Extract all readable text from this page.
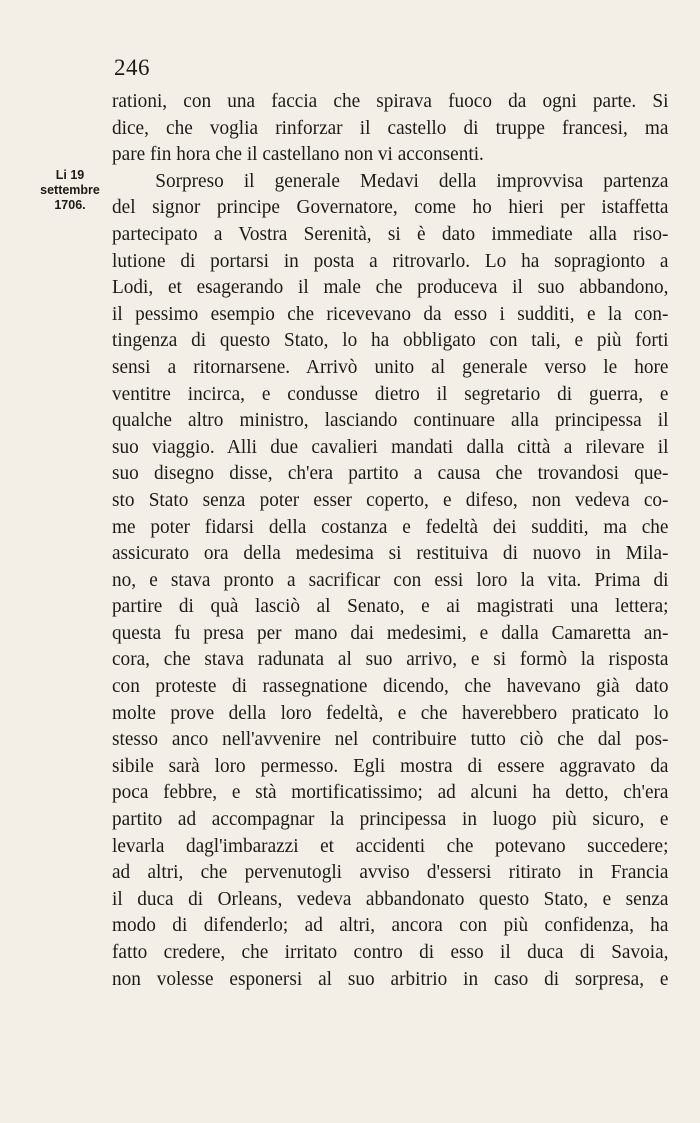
246
Li 19
settembre
1706.
rationi, con una faccia che spirava fuoco da ogni parte. Si
dice, che voglia rinforzar il castello di truppe francesi, ma
pare fin hora che il castellano non vi acconsenti.
Sorpreso il generale Medavi della improvvisa partenza
del signor principe Governatore, come ho hieri per istaffetta
partecipato a Vostra Serenità, si è dato immediate alla riso-
lutione di portarsi in posta a ritrovarlo. Lo ha sopragionto a
Lodi, et esagerando il male che produceva il suo abbandono,
il pessimo esempio che ricevevano da esso i sudditi, e la con-
tingenza di questo Stato, lo ha obbligato con tali, e più forti
sensi a ritornarsene. Arrivò unito al generale verso le hore
ventitre incirca, e condusse dietro il segretario di guerra, e
qualche altro ministro, lasciando continuare alla principessa il
suo viaggio. Alli due cavalieri mandati dalla città a rilevare il
suo disegno disse, ch'era partito a causa che trovandosi que-
sto Stato senza poter esser coperto, e difeso, non vedeva co-
me poter fidarsi della costanza e fedeltà dei sudditi, ma che
assicurato ora della medesima si restituiva di nuovo in Mila-
no, e stava pronto a sacrificar con essi loro la vita. Prima di
partire di quà lasciò al Senato, e ai magistrati una lettera;
questa fu presa per mano dai medesimi, e dalla Camaretta an-
cora, che stava radunata al suo arrivo, e si formò la risposta
con proteste di rassegnatione dicendo, che havevano già dato
molte prove della loro fedeltà, e che haverebbero praticato lo
stesso anco nell'avvenire nel contribuire tutto ciò che dal pos-
sibile sarà loro permesso. Egli mostra di essere aggravato da
poca febbre, e stà mortificatissimo; ad alcuni ha detto, ch'era
partito ad accompagnar la principessa in luogo più sicuro, e
levarla dagl'imbarazzi et accidenti che potevano succedere;
ad altri, che pervenutogli avviso d'essersi ritirato in Francia
il duca di Orleans, vedeva abbandonato questo Stato, e senza
modo di difenderlo; ad altri, ancora con più confidenza, ha
fatto credere, che irritato contro di esso il duca di Savoia,
non volesse esponersi al suo arbitrio in caso di sorpresa, e
